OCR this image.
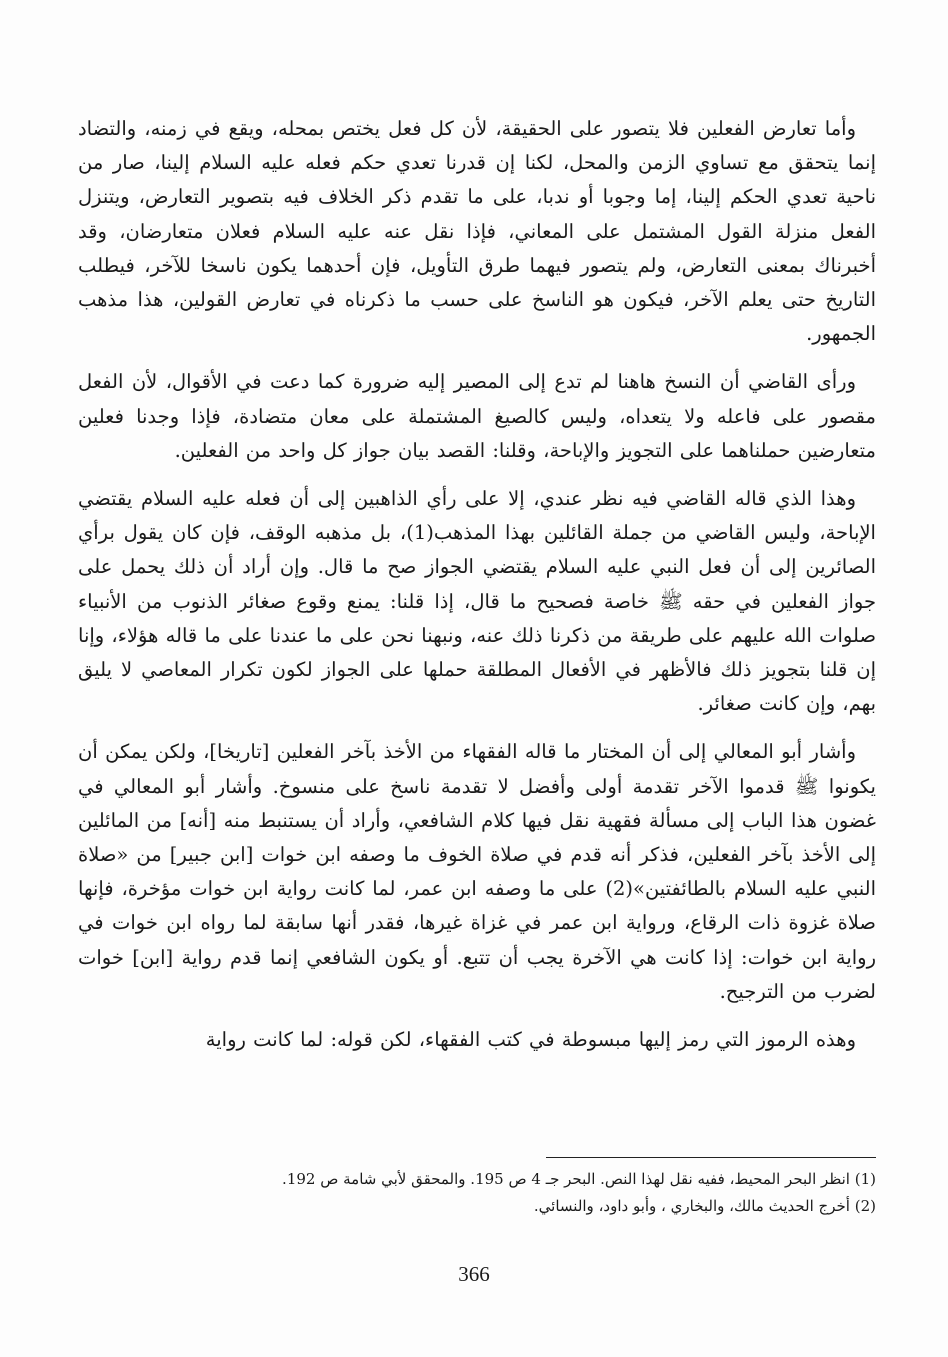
وأما تعارض الفعلين فلا يتصور على الحقيقة، لأن كل فعل يختص بمحله، ويقع في زمنه، والتضاد إنما يتحقق مع تساوي الزمن والمحل، لكنا إن قدرنا تعدي حكم فعله عليه السلام إلينا، صار من ناحية تعدي الحكم إلينا، إما وجوبا أو ندبا، على ما تقدم ذكر الخلاف فيه بتصوير التعارض، ويتنزل الفعل منزلة القول المشتمل على المعاني، فإذا نقل عنه عليه السلام فعلان متعارضان، وقد أخبرناك بمعنى التعارض، ولم يتصور فيهما طرق التأويل، فإن أحدهما يكون ناسخا للآخر، فيطلب التاريخ حتى يعلم الآخر، فيكون هو الناسخ على حسب ما ذكرناه في تعارض القولين، هذا مذهب الجمهور.

ورأى القاضي أن النسخ هاهنا لم تدع إلى المصير إليه ضرورة كما دعت في الأقوال، لأن الفعل مقصور على فاعله ولا يتعداه، وليس كالصيغ المشتملة على معان متضادة، فإذا وجدنا فعلين متعارضين حملناهما على التجويز والإباحة، وقلنا: القصد بيان جواز كل واحد من الفعلين.

وهذا الذي قاله القاضي فيه نظر عندي، إلا على رأي الذاهبين إلى أن فعله عليه السلام يقتضي الإباحة، وليس القاضي من جملة القائلين بهذا المذهب(1)، بل مذهبه الوقف، فإن كان يقول برأي الصائرين إلى أن فعل النبي عليه السلام يقتضي الجواز صح ما قال. وإن أراد أن ذلك يحمل على جواز الفعلين في حقه ﷺ خاصة فصحيح ما قال، إذا قلنا: يمنع وقوع صغائر الذنوب من الأنبياء صلوات الله عليهم على طريقة من ذكرنا ذلك عنه، ونبهنا نحن على ما عندنا على ما قاله هؤلاء، وإنا إن قلنا بتجويز ذلك فالأظهر في الأفعال المطلقة حملها على الجواز لكون تكرار المعاصي لا يليق بهم، وإن كانت صغائر.

وأشار أبو المعالي إلى أن المختار ما قاله الفقهاء من الأخذ بآخر الفعلين [تاريخا]، ولكن يمكن أن يكونوا ﷺ قدموا الآخر تقدمة أولى وأفضل لا تقدمة ناسخ على منسوخ. وأشار أبو المعالي في غضون هذا الباب إلى مسألة فقهية نقل فيها كلام الشافعي، وأراد أن يستنبط منه [أنه] من المائلين إلى الأخذ بآخر الفعلين، فذكر أنه قدم في صلاة الخوف ما وصفه ابن خوات [ابن جبير] من «صلاة النبي عليه السلام بالطائفتين»(2) على ما وصفه ابن عمر، لما كانت رواية ابن خوات مؤخرة، فإنها صلاة غزوة ذات الرقاع، ورواية ابن عمر في غزاة غيرها، فقدر أنها سابقة لما رواه ابن خوات في رواية ابن خوات: إذا كانت هي الآخرة يجب أن تتبع. أو يكون الشافعي إنما قدم رواية [ابن] خوات لضرب من الترجيح.

وهذه الرموز التي رمز إليها مبسوطة في كتب الفقهاء، لكن قوله: لما كانت رواية

(1) انظر البحر المحيط، ففيه نقل لهذا النص. البحر جـ 4 ص 195. والمحقق لأبي شامة ص 192.

(2) أخرج الحديث مالك، والبخاري ، وأبو داود، والنسائي.

366
